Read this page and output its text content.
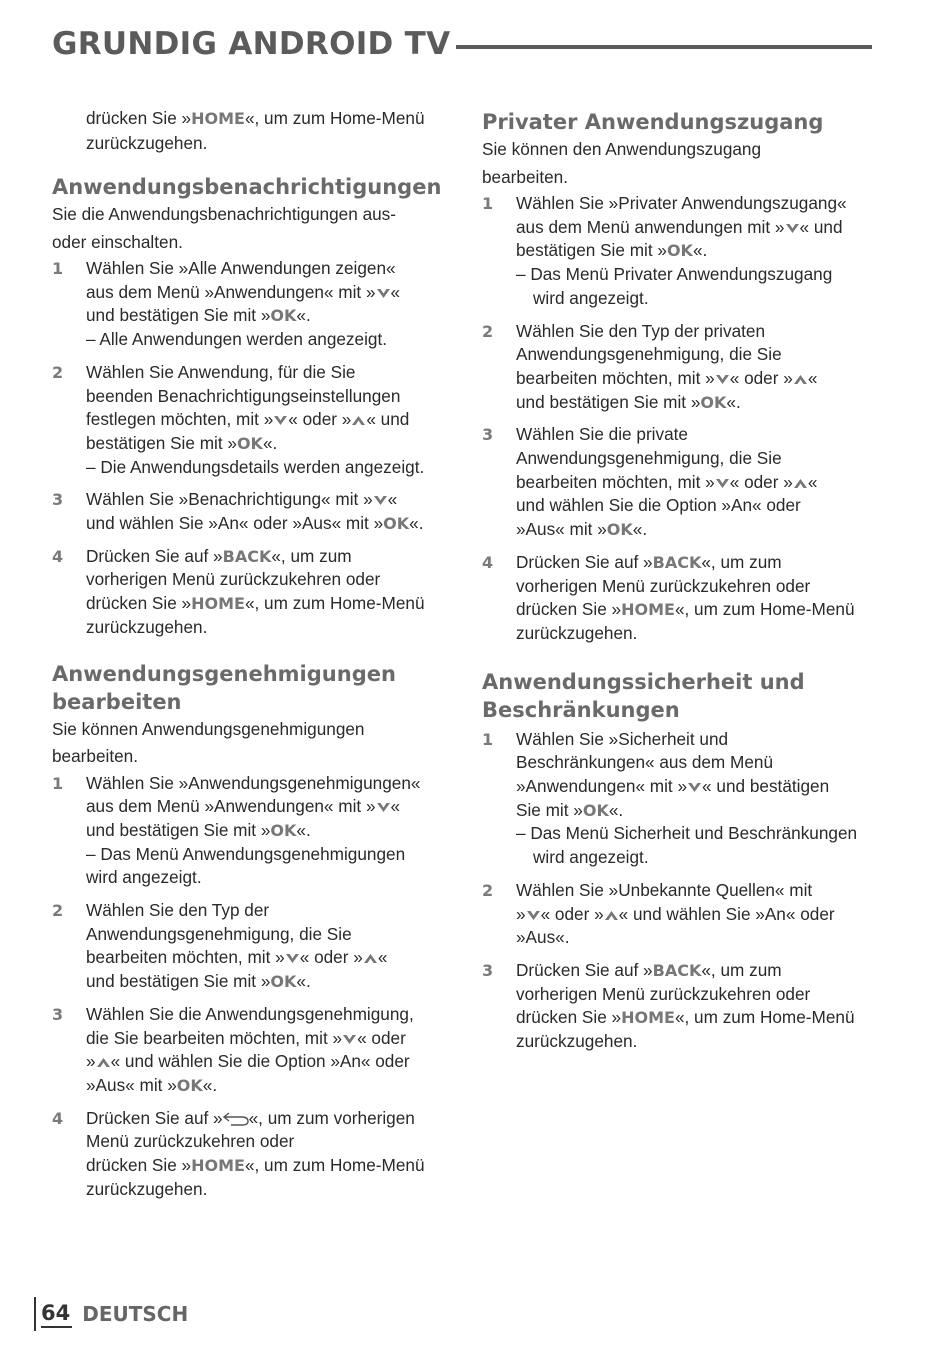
GRUNDIG ANDROID TV
drücken Sie »HOME«, um zum Home-Menü
zurückzugehen.
Anwendungsbenachrichtigungen

Sie die Anwendungsbenachrichtigungen aus-
oder einschalten.

1	Wählen Sie »Alle Anwendungen zeigen«
aus dem Menü »Anwendungen« mit » «
und bestätigen Sie mit »OK«.
– Alle Anwendungen werden angezeigt.
2	Wählen Sie Anwendung, für die Sie
beenden Benachrichtigungseinstellungen
festlegen möchten, mit » « oder » « und
bestätigen Sie mit »OK«.
– Die Anwendungsdetails werden angezeigt.
3	Wählen Sie »Benachrichtigung« mit » «
und wählen Sie »An« oder »Aus« mit »OK«.
4	Drücken Sie auf »BACK«, um zum
vorherigen Menü zurückzukehren oder
drücken Sie »HOME«, um zum Home-Menü
zurückzugehen.
Anwendungsgenehmigungen
bearbeiten

Sie können Anwendungsgenehmigungen
bearbeiten.

1	Wählen Sie »Anwendungsgenehmigungen«
aus dem Menü »Anwendungen« mit » «
und bestätigen Sie mit »OK«.
– Das Menü Anwendungsgenehmigungen
wird angezeigt.
2	Wählen Sie den Typ der
Anwendungsgenehmigung, die Sie
bearbeiten möchten, mit » « oder » «
und bestätigen Sie mit »OK«.
3	Wählen Sie die Anwendungsgenehmigung,
die Sie bearbeiten möchten, mit » « oder
» « und wählen Sie die Option »An« oder
»Aus« mit »OK«.
4	Drücken Sie auf » «, um zum vorherigen
Menü zurückzukehren oder
drücken Sie »HOME«, um zum Home-Menü
zurückzugehen.
Privater Anwendungszugang

Sie können den Anwendungszugang
bearbeiten.

1	Wählen Sie »Privater Anwendungszugang«
aus dem Menü anwendungen mit » « und
bestätigen Sie mit »OK«.
– Das Menü Privater Anwendungszugang
wird angezeigt.
2	Wählen Sie den Typ der privaten
Anwendungsgenehmigung, die Sie
bearbeiten möchten, mit » « oder » «
und bestätigen Sie mit »OK«.
3	Wählen Sie die private
Anwendungsgenehmigung, die Sie
bearbeiten möchten, mit » « oder » «
und wählen Sie die Option »An« oder
»Aus« mit »OK«.
4	Drücken Sie auf »BACK«, um zum
vorherigen Menü zurückzukehren oder
drücken Sie »HOME«, um zum Home-Menü
zurückzugehen.
Anwendungssicherheit und
Beschränkungen
1	Wählen Sie »Sicherheit und
Beschränkungen« aus dem Menü
»Anwendungen« mit » « und bestätigen
Sie mit »OK«.
– Das Menü Sicherheit und Beschränkungen
wird angezeigt.
2	Wählen Sie »Unbekannte Quellen« mit
» « oder » « und wählen Sie »An« oder
»Aus«.
3	Drücken Sie auf »BACK«, um zum
vorherigen Menü zurückzukehren oder
drücken Sie »HOME«, um zum Home-Menü
zurückzugehen.
64 DEUTSCH
